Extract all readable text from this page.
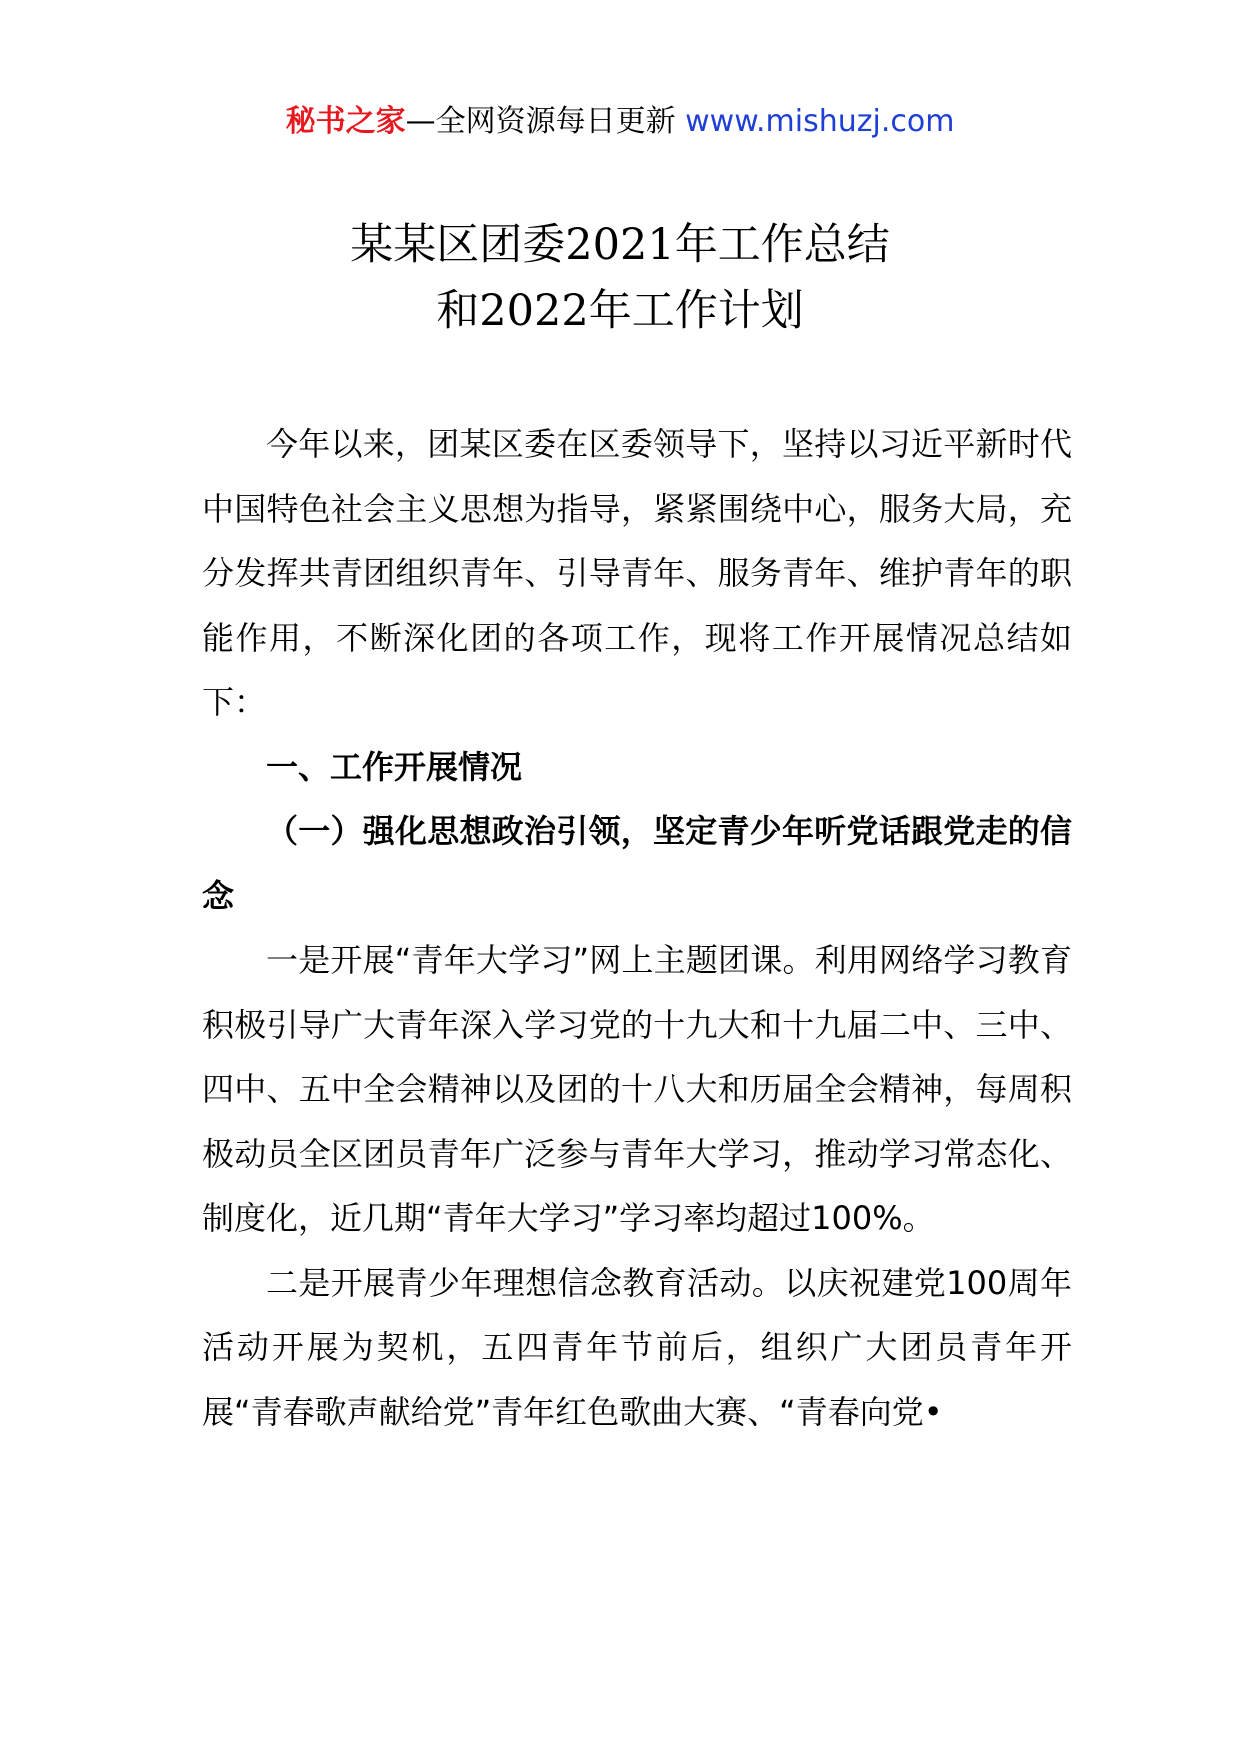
秘书之家—全网资源每日更新 www.mishuzj.com
某某区团委2021年工作总结
和2022年工作计划

今年以来，团某区委在区委领导下，坚持以习近平新时代中国特色社会主义思想为指导，紧紧围绕中心，服务大局，充分发挥共青团组织青年、引导青年、服务青年、维护青年的职能作用，不断深化团的各项工作，现将工作开展情况总结如下：

一、工作开展情况

（一）强化思想政治引领，坚定青少年听党话跟党走的信念

一是开展“青年大学习”网上主题团课。利用网络学习教育积极引导广大青年深入学习党的十九大和十九届二中、三中、四中、五中全会精神以及团的十八大和历届全会精神，每周积极动员全区团员青年广泛参与青年大学习，推动学习常态化、制度化，近几期“青年大学习”学习率均超过100%。

二是开展青少年理想信念教育活动。以庆祝建党100周年活动开展为契机，五四青年节前后，组织广大团员青年开展“青春歌声献给党”青年红色歌曲大赛、“青春向党•
